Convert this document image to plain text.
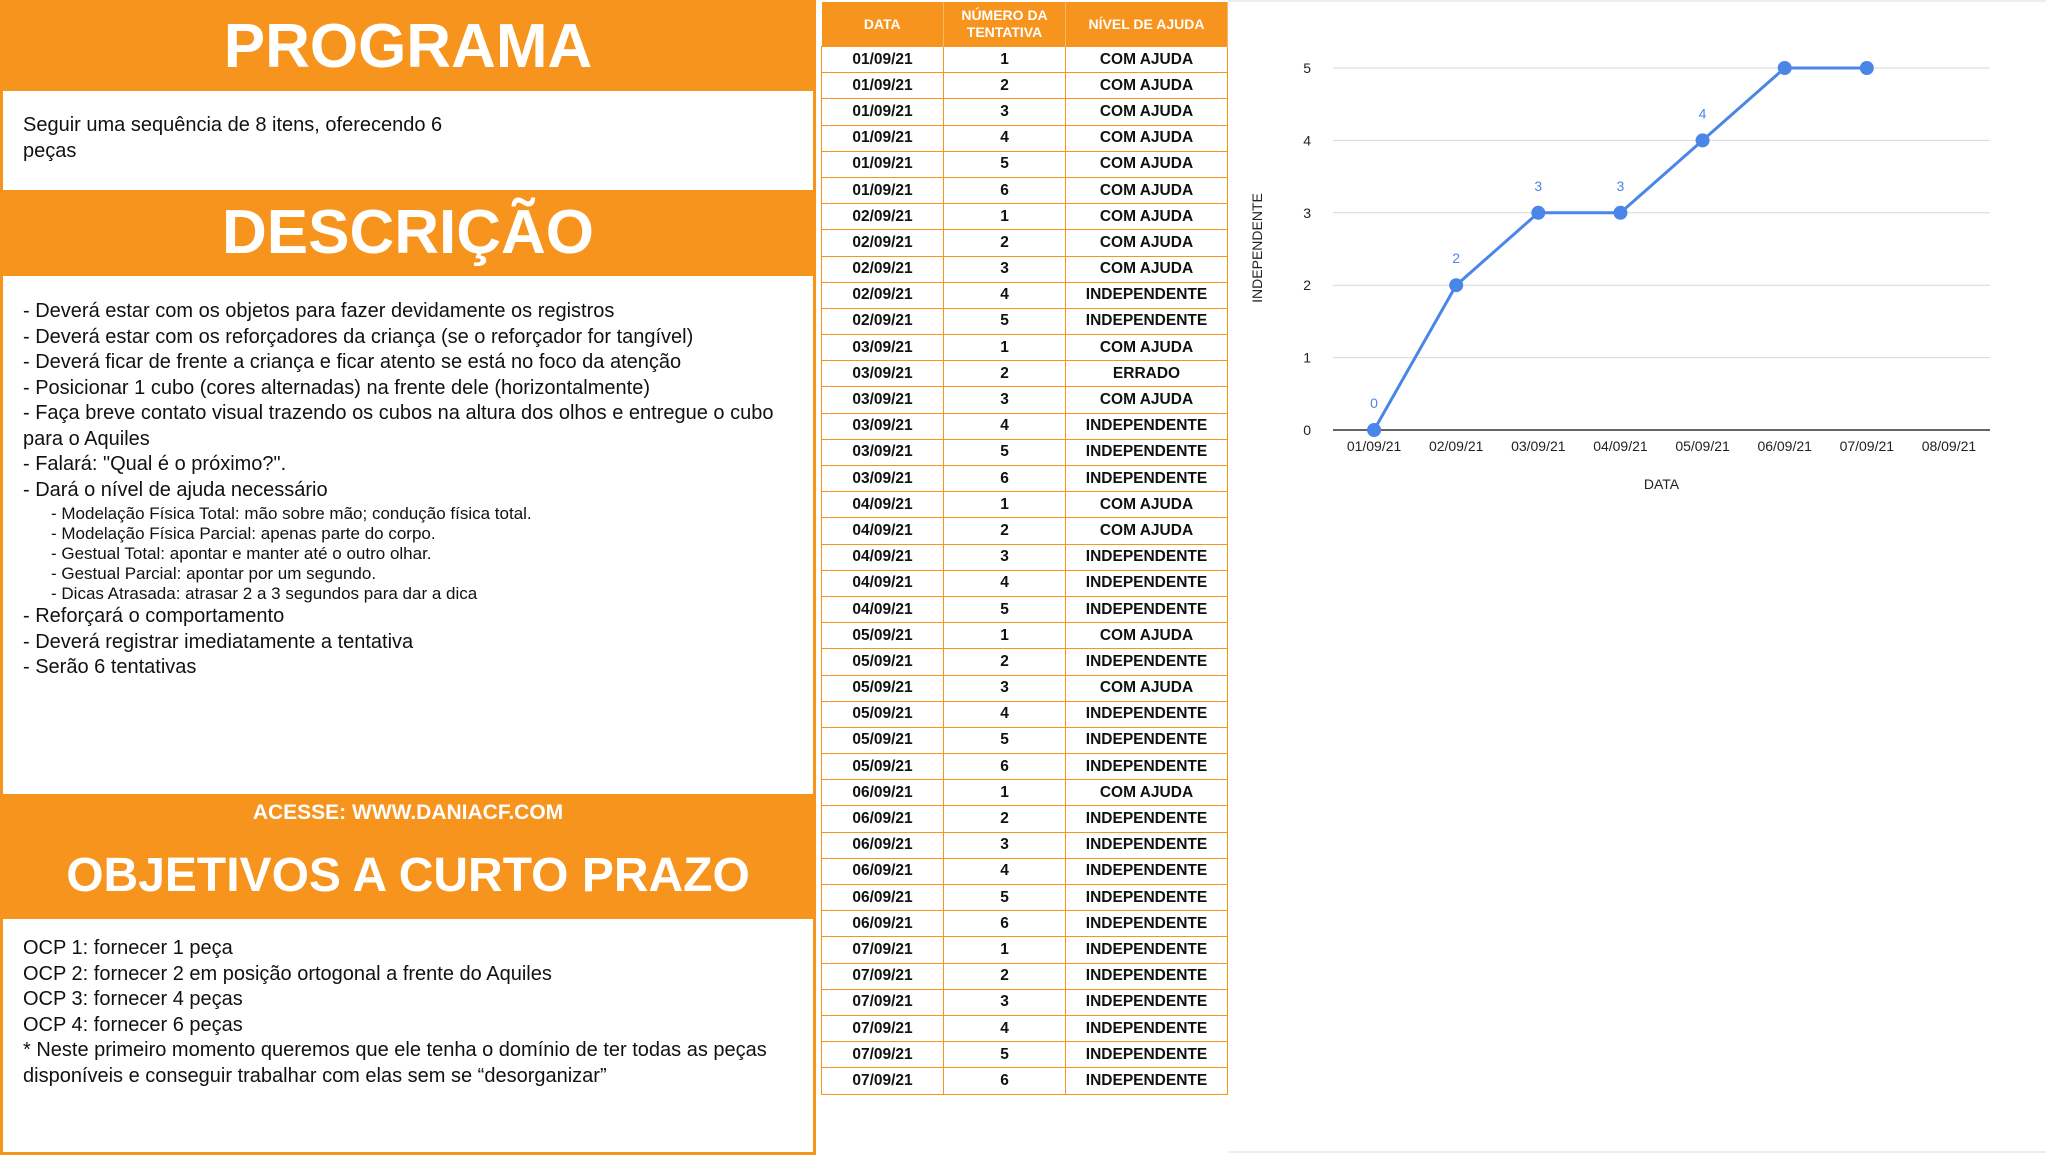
PROGRAMA
Seguir uma sequência de 8 itens, oferecendo 6 peças
DESCRIÇÃO
- Deverá estar com os objetos para fazer devidamente os registros
- Deverá estar com os reforçadores da criança (se o reforçador for tangível)
- Deverá ficar de frente a criança e ficar atento se está no foco da atenção
- Posicionar 1 cubo (cores alternadas) na frente dele (horizontalmente)
- Faça breve contato visual trazendo os cubos na altura dos olhos e entregue o cubo para o Aquiles
- Falará: "Qual é o próximo?".
- Dará o nível de ajuda necessário
- Modelação Física Total: mão sobre mão; condução física total.
- Modelação Física Parcial: apenas parte do corpo.
- Gestual Total: apontar e manter até o outro olhar.
- Gestual Parcial: apontar por um segundo.
- Dicas Atrasada: atrasar 2 a 3 segundos para dar a dica
- Reforçará o comportamento
- Deverá registrar imediatamente a tentativa
- Serão 6 tentativas
ACESSE: WWW.DANIACF.COM
OBJETIVOS A CURTO PRAZO
OCP 1: fornecer 1 peça
OCP 2: fornecer 2 em posição ortogonal a frente do Aquiles
OCP 3: fornecer 4 peças
OCP 4: fornecer 6 peças
* Neste primeiro momento queremos que ele tenha o domínio de ter todas as peças disponíveis e conseguir trabalhar com elas sem se “desorganizar”
DATA	NÚMERO DA TENTATIVA	NÍVEL DE AJUDA
01/09/21	1	COM AJUDA
01/09/21	2	COM AJUDA
01/09/21	3	COM AJUDA
01/09/21	4	COM AJUDA
01/09/21	5	COM AJUDA
01/09/21	6	COM AJUDA
02/09/21	1	COM AJUDA
02/09/21	2	COM AJUDA
02/09/21	3	COM AJUDA
02/09/21	4	INDEPENDENTE
02/09/21	5	INDEPENDENTE
03/09/21	1	COM AJUDA
03/09/21	2	ERRADO
03/09/21	3	COM AJUDA
03/09/21	4	INDEPENDENTE
03/09/21	5	INDEPENDENTE
03/09/21	6	INDEPENDENTE
04/09/21	1	COM AJUDA
04/09/21	2	COM AJUDA
04/09/21	3	INDEPENDENTE
04/09/21	4	INDEPENDENTE
04/09/21	5	INDEPENDENTE
05/09/21	1	COM AJUDA
05/09/21	2	INDEPENDENTE
05/09/21	3	COM AJUDA
05/09/21	4	INDEPENDENTE
05/09/21	5	INDEPENDENTE
05/09/21	6	INDEPENDENTE
06/09/21	1	COM AJUDA
06/09/21	2	INDEPENDENTE
06/09/21	3	INDEPENDENTE
06/09/21	4	INDEPENDENTE
06/09/21	5	INDEPENDENTE
06/09/21	6	INDEPENDENTE
07/09/21	1	INDEPENDENTE
07/09/21	2	INDEPENDENTE
07/09/21	3	INDEPENDENTE
07/09/21	4	INDEPENDENTE
07/09/21	5	INDEPENDENTE
07/09/21	6	INDEPENDENTE
0
1
2
3
4
5
01/09/21 02/09/21 03/09/21 04/09/21 05/09/21 06/09/21 07/09/21 08/09/21
DATA
INDEPENDENTE
0
2
3	3
4
